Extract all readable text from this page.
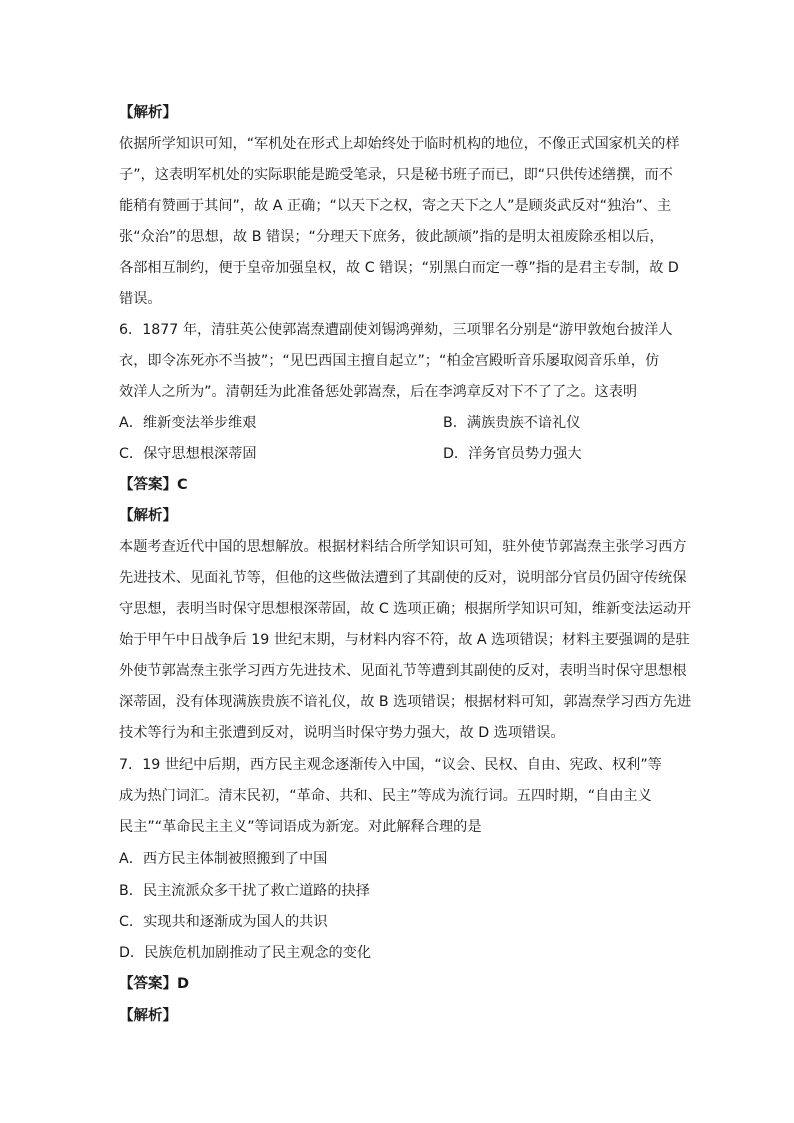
【解析】
依据所学知识可知，“军机处在形式上却始终处于临时机构的地位，不像正式国家机关的样
子”，这表明军机处的实际职能是跪受笔录，只是秘书班子而已，即“只供传述缮撰，而不
能稍有赞画于其间”，故 A 正确；“以天下之权，寄之天下之人”是顾炎武反对“独治”、主
张“众治”的思想，故 B 错误；“分理天下庶务，彼此颉颃”指的是明太祖废除丞相以后，
各部相互制约，便于皇帝加强皇权，故 C 错误；“别黑白而定一尊”指的是君主专制，故 D
错误。
6．1877 年，清驻英公使郭嵩焘遭副使刘锡鸿弹劾，三项罪名分别是“游甲敦炮台披洋人
衣，即令冻死亦不当披”；“见巴西国主擅自起立”；“柏金宫殿昕音乐屡取阅音乐单，仿
效洋人之所为”。清朝廷为此准备惩处郭嵩焘，后在李鸿章反对下不了了之。这表明
A．维新变法举步维艰	B．满族贵族不谙礼仪
C．保守思想根深蒂固	D．洋务官员势力强大
【答案】C
【解析】
本题考查近代中国的思想解放。根据材料结合所学知识可知，驻外使节郭嵩焘主张学习西方
先进技术、见面礼节等，但他的这些做法遭到了其副使的反对，说明部分官员仍固守传统保
守思想，表明当时保守思想根深蒂固，故 C 选项正确；根据所学知识可知，维新变法运动开
始于甲午中日战争后 19 世纪末期，与材料内容不符，故 A 选项错误；材料主要强调的是驻
外使节郭嵩焘主张学习西方先进技术、见面礼节等遭到其副使的反对，表明当时保守思想根
深蒂固，没有体现满族贵族不谙礼仪，故 B 选项错误；根据材料可知，郭嵩焘学习西方先进
技术等行为和主张遭到反对，说明当时保守势力强大，故 D 选项错误。
7．19 世纪中后期，西方民主观念逐渐传入中国，“议会、民权、自由、宪政、权利”等
成为热门词汇。清末民初，“革命、共和、民主”等成为流行词。五四时期，“自由主义
民主”“革命民主主义”等词语成为新宠。对此解释合理的是
A．西方民主体制被照搬到了中国
B．民主流派众多干扰了救亡道路的抉择
C．实现共和逐渐成为国人的共识
D．民族危机加剧推动了民主观念的变化
【答案】D
【解析】
